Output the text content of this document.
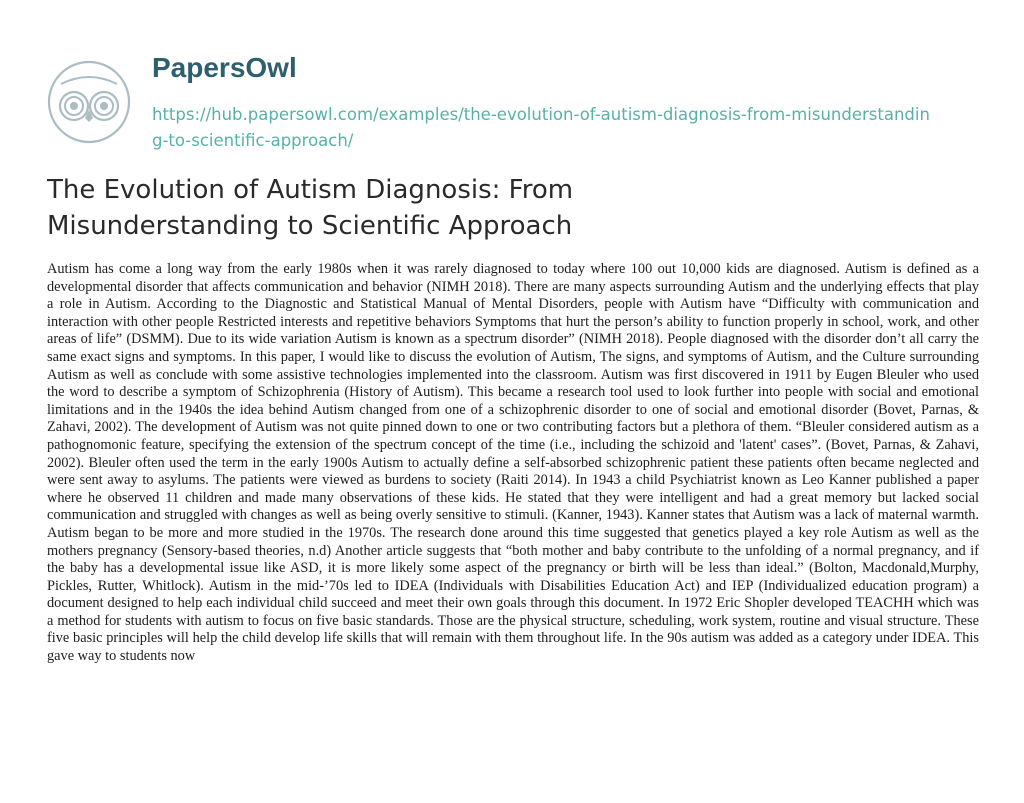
PapersOwl
https://hub.papersowl.com/examples/the-evolution-of-autism-diagnosis-from-misunderstanding-to-scientific-approach/
The Evolution of Autism Diagnosis: From Misunderstanding to Scientific Approach

Autism has come a long way from the early 1980s when it was rarely diagnosed to today where 100 out 10,000 kids are diagnosed. Autism is defined as a developmental disorder that affects communication and behavior (NIMH 2018). There are many aspects surrounding Autism and the underlying effects that play a role in Autism. According to the Diagnostic and Statistical Manual of Mental Disorders, people with Autism have “Difficulty with communication and interaction with other people Restricted interests and repetitive behaviors Symptoms that hurt the person’s ability to function properly in school, work, and other areas of life” (DSMM). Due to its wide variation Autism is known as a spectrum disorder” (NIMH 2018). People diagnosed with the disorder don’t all carry the same exact signs and symptoms. In this paper, I would like to discuss the evolution of Autism, The signs, and symptoms of Autism, and the Culture surrounding Autism as well as conclude with some assistive technologies implemented into the classroom. Autism was first discovered in 1911 by Eugen Bleuler who used the word to describe a symptom of Schizophrenia (History of Autism). This became a research tool used to look further into people with social and emotional limitations and in the 1940s the idea behind Autism changed from one of a schizophrenic disorder to one of social and emotional disorder (Bovet, Parnas, & Zahavi, 2002). The development of Autism was not quite pinned down to one or two contributing factors but a plethora of them. “Bleuler considered autism as a pathognomonic feature, specifying the extension of the spectrum concept of the time (i.e., including the schizoid and 'latent' cases”. (Bovet, Parnas, & Zahavi, 2002). Bleuler often used the term in the early 1900s Autism to actually define a self-absorbed schizophrenic patient these patients often became neglected and were sent away to asylums. The patients were viewed as burdens to society (Raiti 2014). In 1943 a child Psychiatrist known as Leo Kanner published a paper where he observed 11 children and made many observations of these kids. He stated that they were intelligent and had a great memory but lacked social communication and struggled with changes as well as being overly sensitive to stimuli. (Kanner, 1943). Kanner states that Autism was a lack of maternal warmth. Autism began to be more and more studied in the 1970s. The research done around this time suggested that genetics played a key role Autism as well as the mothers pregnancy (Sensory-based theories, n.d) Another article suggests that “both mother and baby contribute to the unfolding of a normal pregnancy, and if the baby has a developmental issue like ASD, it is more likely some aspect of the pregnancy or birth will be less than ideal.” (Bolton, Macdonald,Murphy, Pickles, Rutter, Whitlock). Autism in the mid-’70s led to IDEA (Individuals with Disabilities Education Act) and IEP (Individualized education program) a document designed to help each individual child succeed and meet their own goals through this document. In 1972 Eric Shopler developed TEACHH which was a method for students with autism to focus on five basic standards. Those are the physical structure, scheduling, work system, routine and visual structure. These five basic principles will help the child develop life skills that will remain with them throughout life. In the 90s autism was added as a category under IDEA. This gave way to students now
